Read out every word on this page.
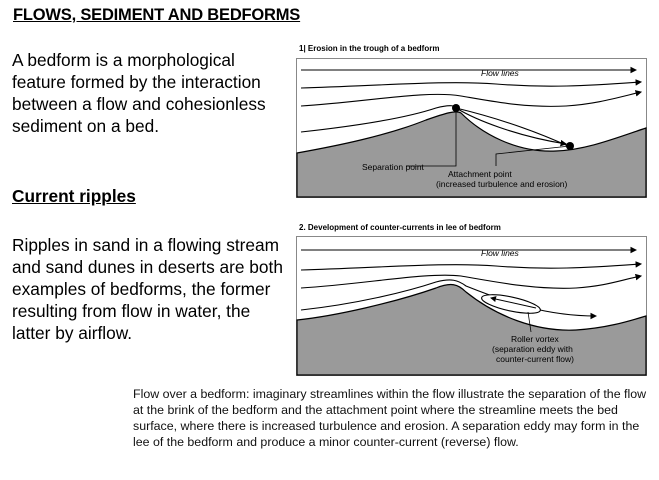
FLOWS, SEDIMENT AND BEDFORMS
A bedform is a morphological feature formed by the interaction between a flow and cohesionless sediment on a bed.
Current ripples
Ripples in sand in a flowing stream and sand dunes in deserts are both examples of bedforms, the former resulting from flow in water, the latter by airflow.
1| Erosion in the trough of a bedform
Flow lines
Separation point
Attachment point
(increased turbulence and erosion)
2. Development of counter-currents in lee of bedform
Flow lines
Roller vortex
(separation eddy with
counter-current flow)
Flow over a bedform: imaginary streamlines within the flow illustrate the separation of the flow at the brink of the bedform and the attachment point where the streamline meets the bed surface, where there is increased turbulence and erosion. A separation eddy may form in the lee of the bedform and produce a minor counter-current (reverse) flow.
